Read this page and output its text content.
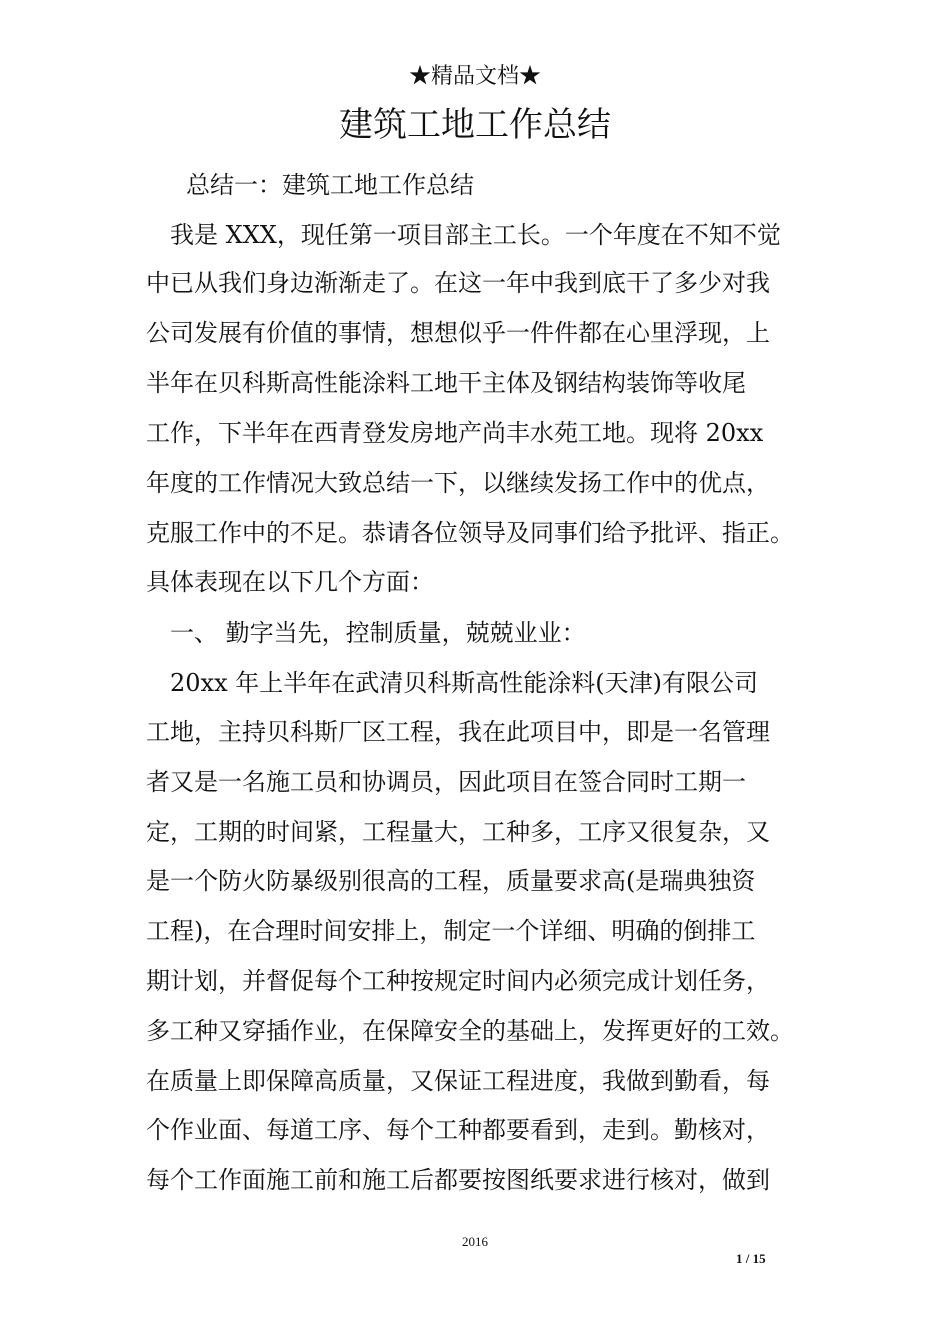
★精品文档★
建筑工地工作总结
总结一：建筑工地工作总结
我是 XXX，现任第一项目部主工长。一个年度在不知不觉
中已从我们身边渐渐走了。在这一年中我到底干了多少对我
公司发展有价值的事情，想想似乎一件件都在心里浮现，上
半年在贝科斯高性能涂料工地干主体及钢结构装饰等收尾
工作，下半年在西青登发房地产尚丰水苑工地。现将 20xx
年度的工作情况大致总结一下，以继续发扬工作中的优点，
克服工作中的不足。恭请各位领导及同事们给予批评、指正。
具体表现在以下几个方面：
一、 勤字当先，控制质量，兢兢业业：
20xx 年上半年在武清贝科斯高性能涂料(天津)有限公司
工地，主持贝科斯厂区工程，我在此项目中，即是一名管理
者又是一名施工员和协调员，因此项目在签合同时工期一
定，工期的时间紧，工程量大，工种多，工序又很复杂，又
是一个防火防暴级别很高的工程，质量要求高(是瑞典独资
工程)，在合理时间安排上，制定一个详细、明确的倒排工
期计划，并督促每个工种按规定时间内必须完成计划任务，
多工种又穿插作业，在保障安全的基础上，发挥更好的工效。
在质量上即保障高质量，又保证工程进度，我做到勤看，每
个作业面、每道工序、每个工种都要看到，走到。勤核对，
每个工作面施工前和施工后都要按图纸要求进行核对，做到
2016
1 / 15
